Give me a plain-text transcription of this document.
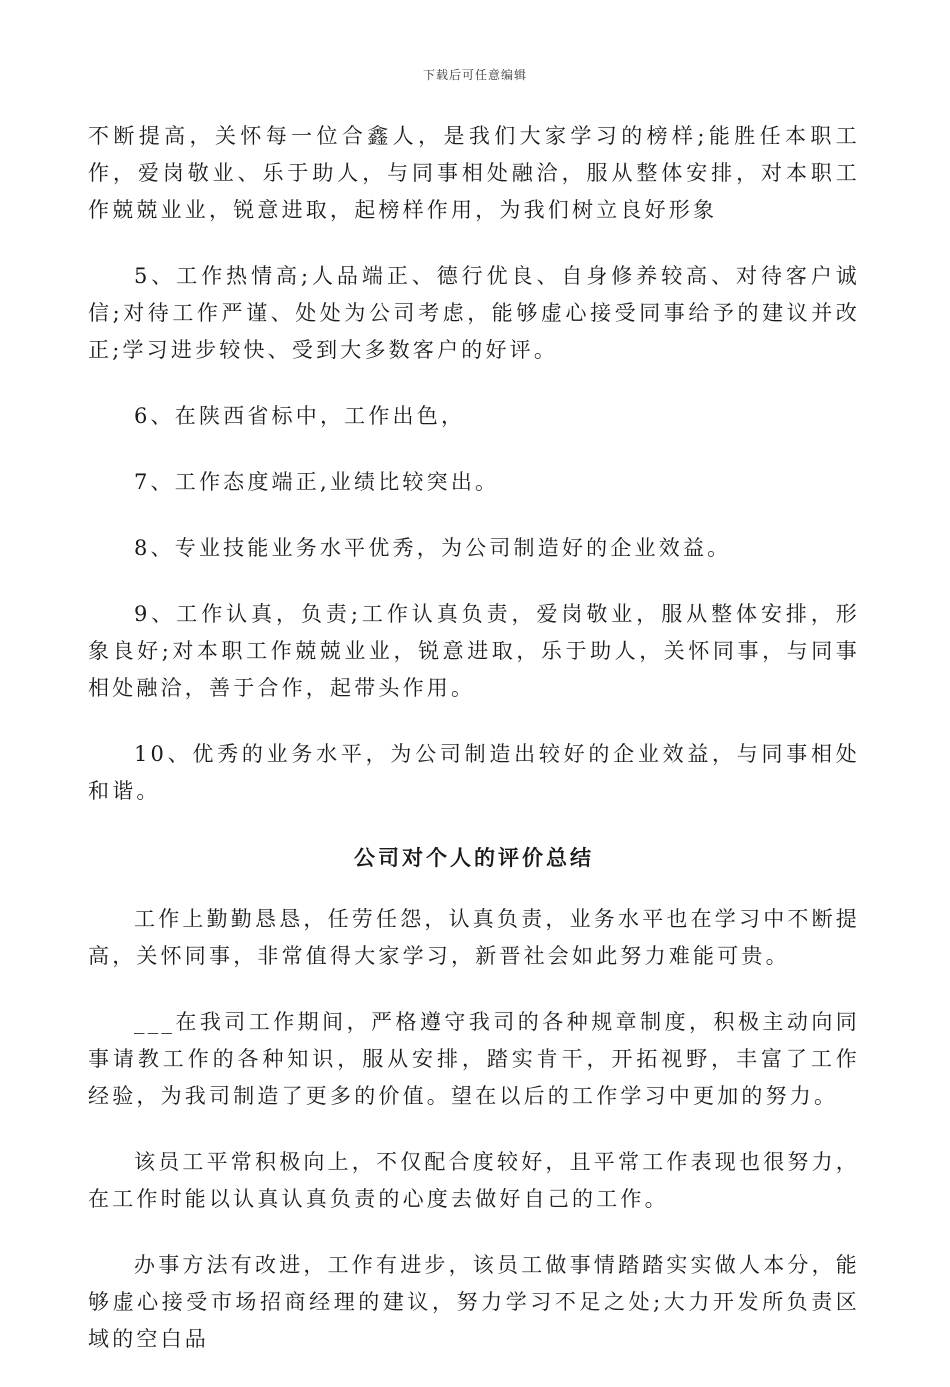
下载后可任意编辑

不断提高，关怀每一位合鑫人，是我们大家学习的榜样;能胜任本职工作，爱岗敬业、乐于助人，与同事相处融洽，服从整体安排，对本职工作兢兢业业，锐意进取，起榜样作用，为我们树立良好形象

5、工作热情高;人品端正、德行优良、自身修养较高、对待客户诚信;对待工作严谨、处处为公司考虑，能够虚心接受同事给予的建议并改正;学习进步较快、受到大多数客户的好评。

6、在陕西省标中，工作出色，

7、工作态度端正,业绩比较突出。

8、专业技能业务水平优秀，为公司制造好的企业效益。

9、工作认真，负责;工作认真负责，爱岗敬业，服从整体安排，形象良好;对本职工作兢兢业业，锐意进取，乐于助人，关怀同事，与同事相处融洽，善于合作，起带头作用。

10、优秀的业务水平，为公司制造出较好的企业效益，与同事相处和谐。

公司对个人的评价总结

工作上勤勤恳恳，任劳任怨，认真负责，业务水平也在学习中不断提高，关怀同事，非常值得大家学习，新晋社会如此努力难能可贵。

___在我司工作期间，严格遵守我司的各种规章制度，积极主动向同事请教工作的各种知识，服从安排，踏实肯干，开拓视野，丰富了工作经验，为我司制造了更多的价值。望在以后的工作学习中更加的努力。

该员工平常积极向上，不仅配合度较好，且平常工作表现也很努力，在工作时能以认真认真负责的心度去做好自己的工作。

办事方法有改进，工作有进步，该员工做事情踏踏实实做人本分，能够虚心接受市场招商经理的建议，努力学习不足之处;大力开发所负责区域的空白品
